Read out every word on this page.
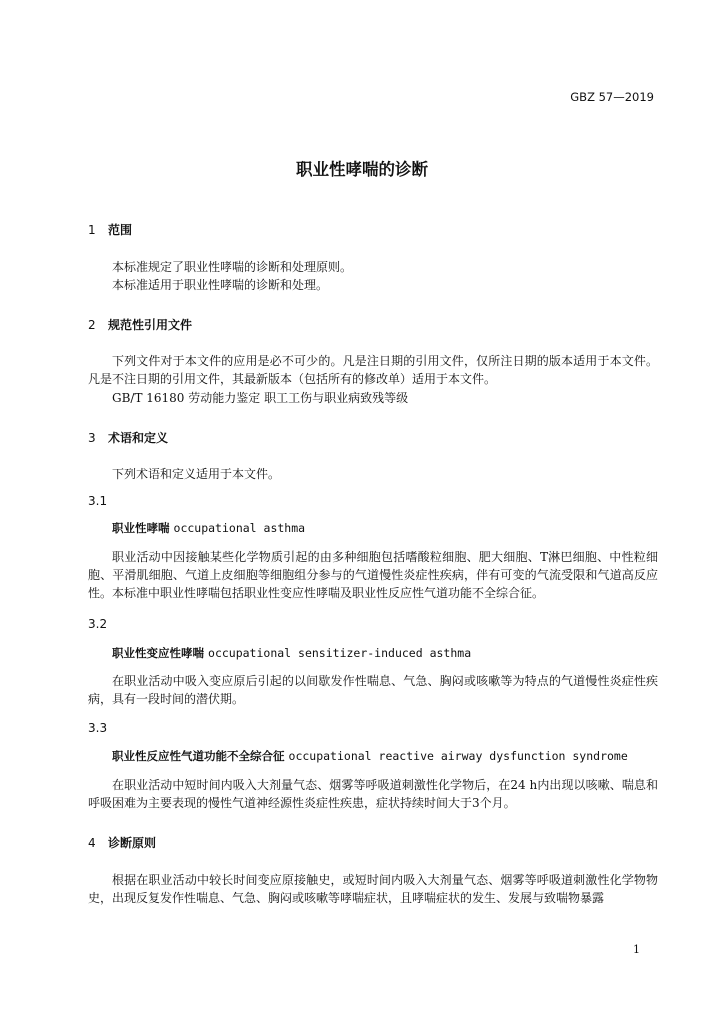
GBZ 57—2019
职业性哮喘的诊断
1 范围
本标准规定了职业性哮喘的诊断和处理原则。
本标准适用于职业性哮喘的诊断和处理。
2 规范性引用文件
下列文件对于本文件的应用是必不可少的。凡是注日期的引用文件，仅所注日期的版本适用于本文件。凡是不注日期的引用文件，其最新版本（包括所有的修改单）适用于本文件。
GB/T 16180 劳动能力鉴定 职工工伤与职业病致残等级
3 术语和定义
下列术语和定义适用于本文件。
3.1
职业性哮喘 occupational asthma
职业活动中因接触某些化学物质引起的由多种细胞包括嗜酸粒细胞、肥大细胞、T淋巴细胞、中性粒细胞、平滑肌细胞、气道上皮细胞等细胞组分参与的气道慢性炎症性疾病，伴有可变的气流受限和气道高反应性。本标准中职业性哮喘包括职业性变应性哮喘及职业性反应性气道功能不全综合征。
3.2
职业性变应性哮喘 occupational sensitizer-induced asthma
在职业活动中吸入变应原后引起的以间歇发作性喘息、气急、胸闷或咳嗽等为特点的气道慢性炎症性疾病，具有一段时间的潜伏期。
3.3
职业性反应性气道功能不全综合征 occupational reactive airway dysfunction syndrome
在职业活动中短时间内吸入大剂量气态、烟雾等呼吸道刺激性化学物后，在24 h内出现以咳嗽、喘息和呼吸困难为主要表现的慢性气道神经源性炎症性疾患，症状持续时间大于3个月。
4 诊断原则
根据在职业活动中较长时间变应原接触史，或短时间内吸入大剂量气态、烟雾等呼吸道刺激性化学物物史，出现反复发作性喘息、气急、胸闷或咳嗽等哮喘症状，且哮喘症状的发生、发展与致喘物暴露
1
